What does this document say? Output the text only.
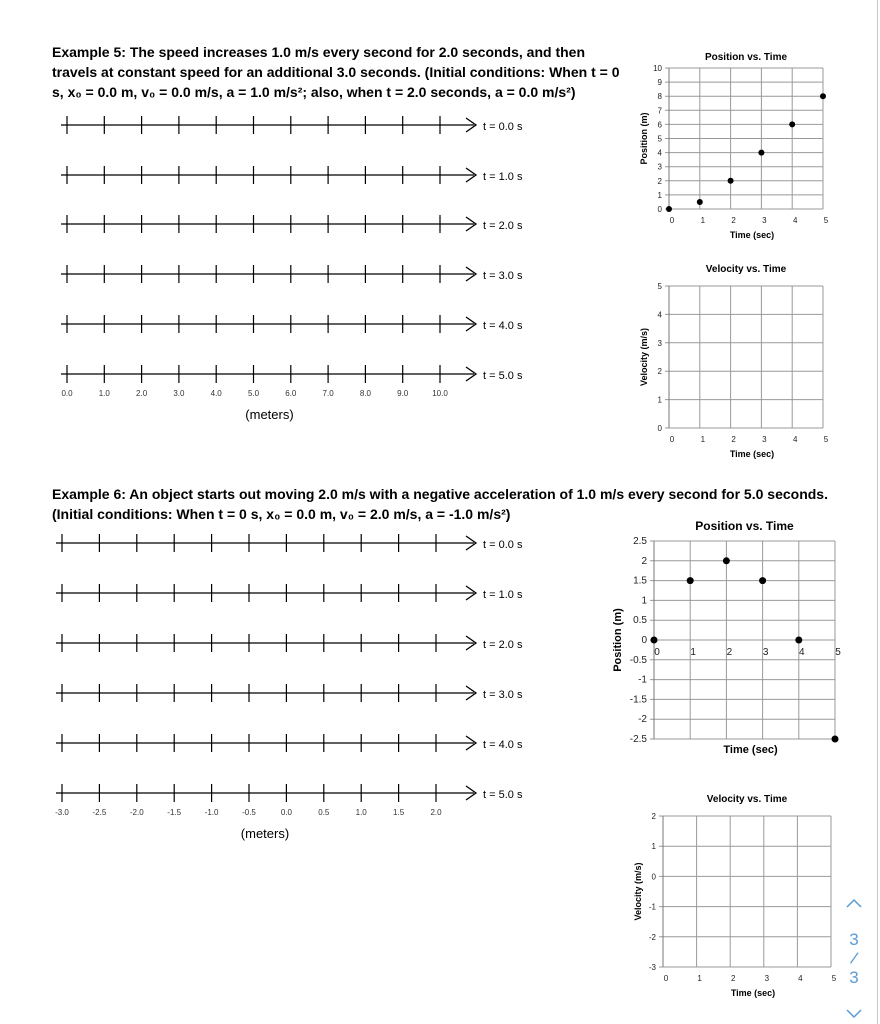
Example 5: The speed increases 1.0 m/s every second for 2.0 seconds, and then travels at constant speed for an additional 3.0 seconds. (Initial conditions: When t = 0 s, x₀ = 0.0 m, v₀ = 0.0 m/s, a = 1.0 m/s²; also, when t = 2.0 seconds, a = 0.0 m/s²)

Example 6: An object starts out moving 2.0 m/s with a negative acceleration of 1.0 m/s every second for 5.0 seconds. (Initial conditions: When t = 0 s, x₀ = 0.0 m, v₀ = 2.0 m/s, a = -1.0 m/s²)

t = 0.0 s
t = 1.0 s
t = 2.0 s
t = 3.0 s
t = 4.0 s
t = 5.0 s
0.0	1.0	2.0	3.0	4.0	5.0	6.0	7.0	8.0	9.0	10.0
(meters)
t = 0.0 s
t = 1.0 s
t = 2.0 s
t = 3.0 s
t = 4.0 s
t = 5.0 s
-3.0	-2.5	-2.0	-1.5	-1.0	-0.5	0.0	0.5	1.0	1.5	2.0
(meters)
Position vs. Time
0
1
2
3
4
5
6
7
8
9
10
0	1	2	3	4	5
Time (sec)
Position (m)
Velocity vs. Time
0
1
2
3
4
5
0	1	2	3	4	5
Time (sec)
Velocity (m/s)
Position vs. Time
-2.5
-2
-1.5
-1
-0.5
0
0.5
1
1.5
2
2.5
0	1	2	3	4	5
Time (sec)
Position (m)
Velocity vs. Time
-3
-2
-1
0
1
2
0	1	2	3	4	5
Time (sec)
Velocity (m/s)
3
/
3
